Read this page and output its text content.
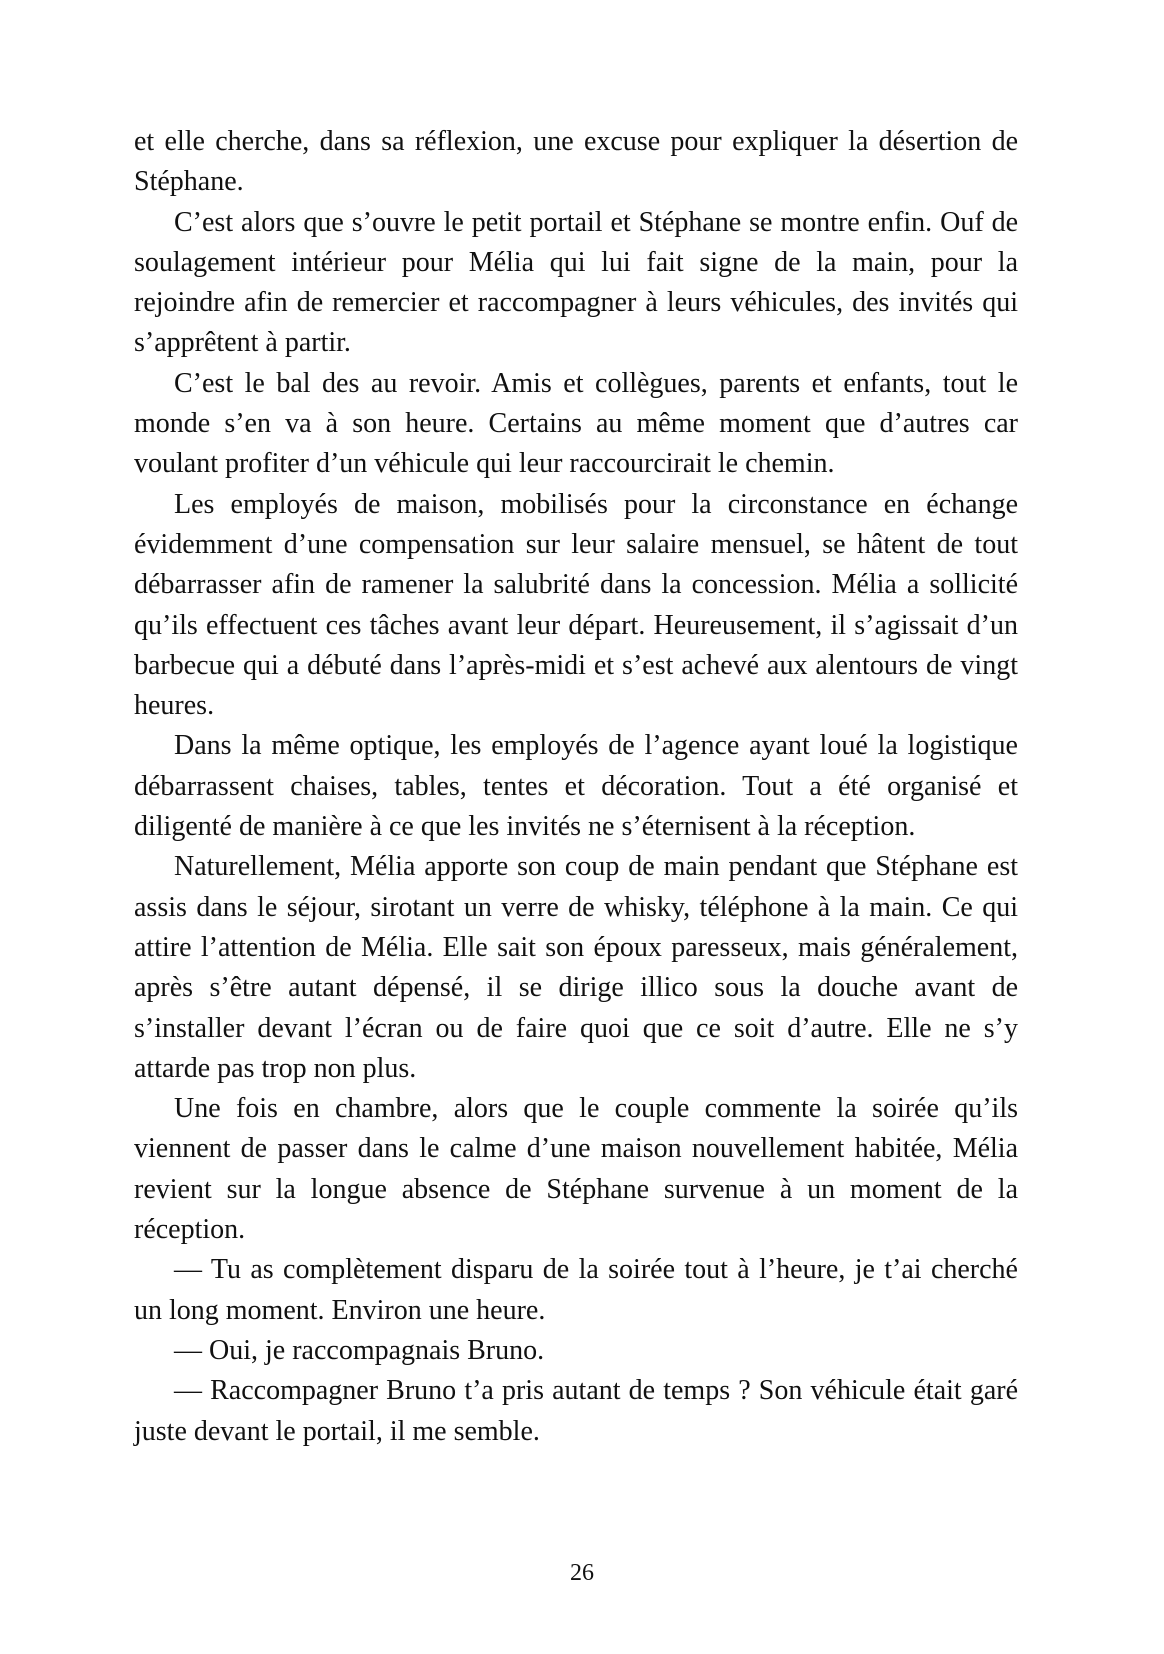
et elle cherche, dans sa réflexion, une excuse pour expliquer la désertion de Stéphane.

C’est alors que s’ouvre le petit portail et Stéphane se montre enfin. Ouf de soulagement intérieur pour Mélia qui lui fait signe de la main, pour la rejoindre afin de remercier et raccompagner à leurs véhicules, des invités qui s’apprêtent à partir.

C’est le bal des au revoir. Amis et collègues, parents et enfants, tout le monde s’en va à son heure. Certains au même moment que d’autres car voulant profiter d’un véhicule qui leur raccourcirait le chemin.

Les employés de maison, mobilisés pour la circonstance en échange évidemment d’une compensation sur leur salaire mensuel, se hâtent de tout débarrasser afin de ramener la salubrité dans la concession. Mélia a sollicité qu’ils effectuent ces tâches avant leur départ. Heureusement, il s’agissait d’un barbecue qui a débuté dans l’après-midi et s’est achevé aux alentours de vingt heures.

Dans la même optique, les employés de l’agence ayant loué la logistique débarrassent chaises, tables, tentes et décoration. Tout a été organisé et diligenté de manière à ce que les invités ne s’éternisent à la réception.

Naturellement, Mélia apporte son coup de main pendant que Stéphane est assis dans le séjour, sirotant un verre de whisky, téléphone à la main. Ce qui attire l’attention de Mélia. Elle sait son époux paresseux, mais généralement, après s’être autant dépensé, il se dirige illico sous la douche avant de s’installer devant l’écran ou de faire quoi que ce soit d’autre. Elle ne s’y attarde pas trop non plus.

Une fois en chambre, alors que le couple commente la soirée qu’ils viennent de passer dans le calme d’une maison nouvellement habitée, Mélia revient sur la longue absence de Stéphane survenue à un moment de la réception.

— Tu as complètement disparu de la soirée tout à l’heure, je t’ai cherché un long moment. Environ une heure.

— Oui, je raccompagnais Bruno.

— Raccompagner Bruno t’a pris autant de temps ? Son véhicule était garé juste devant le portail, il me semble.

26
